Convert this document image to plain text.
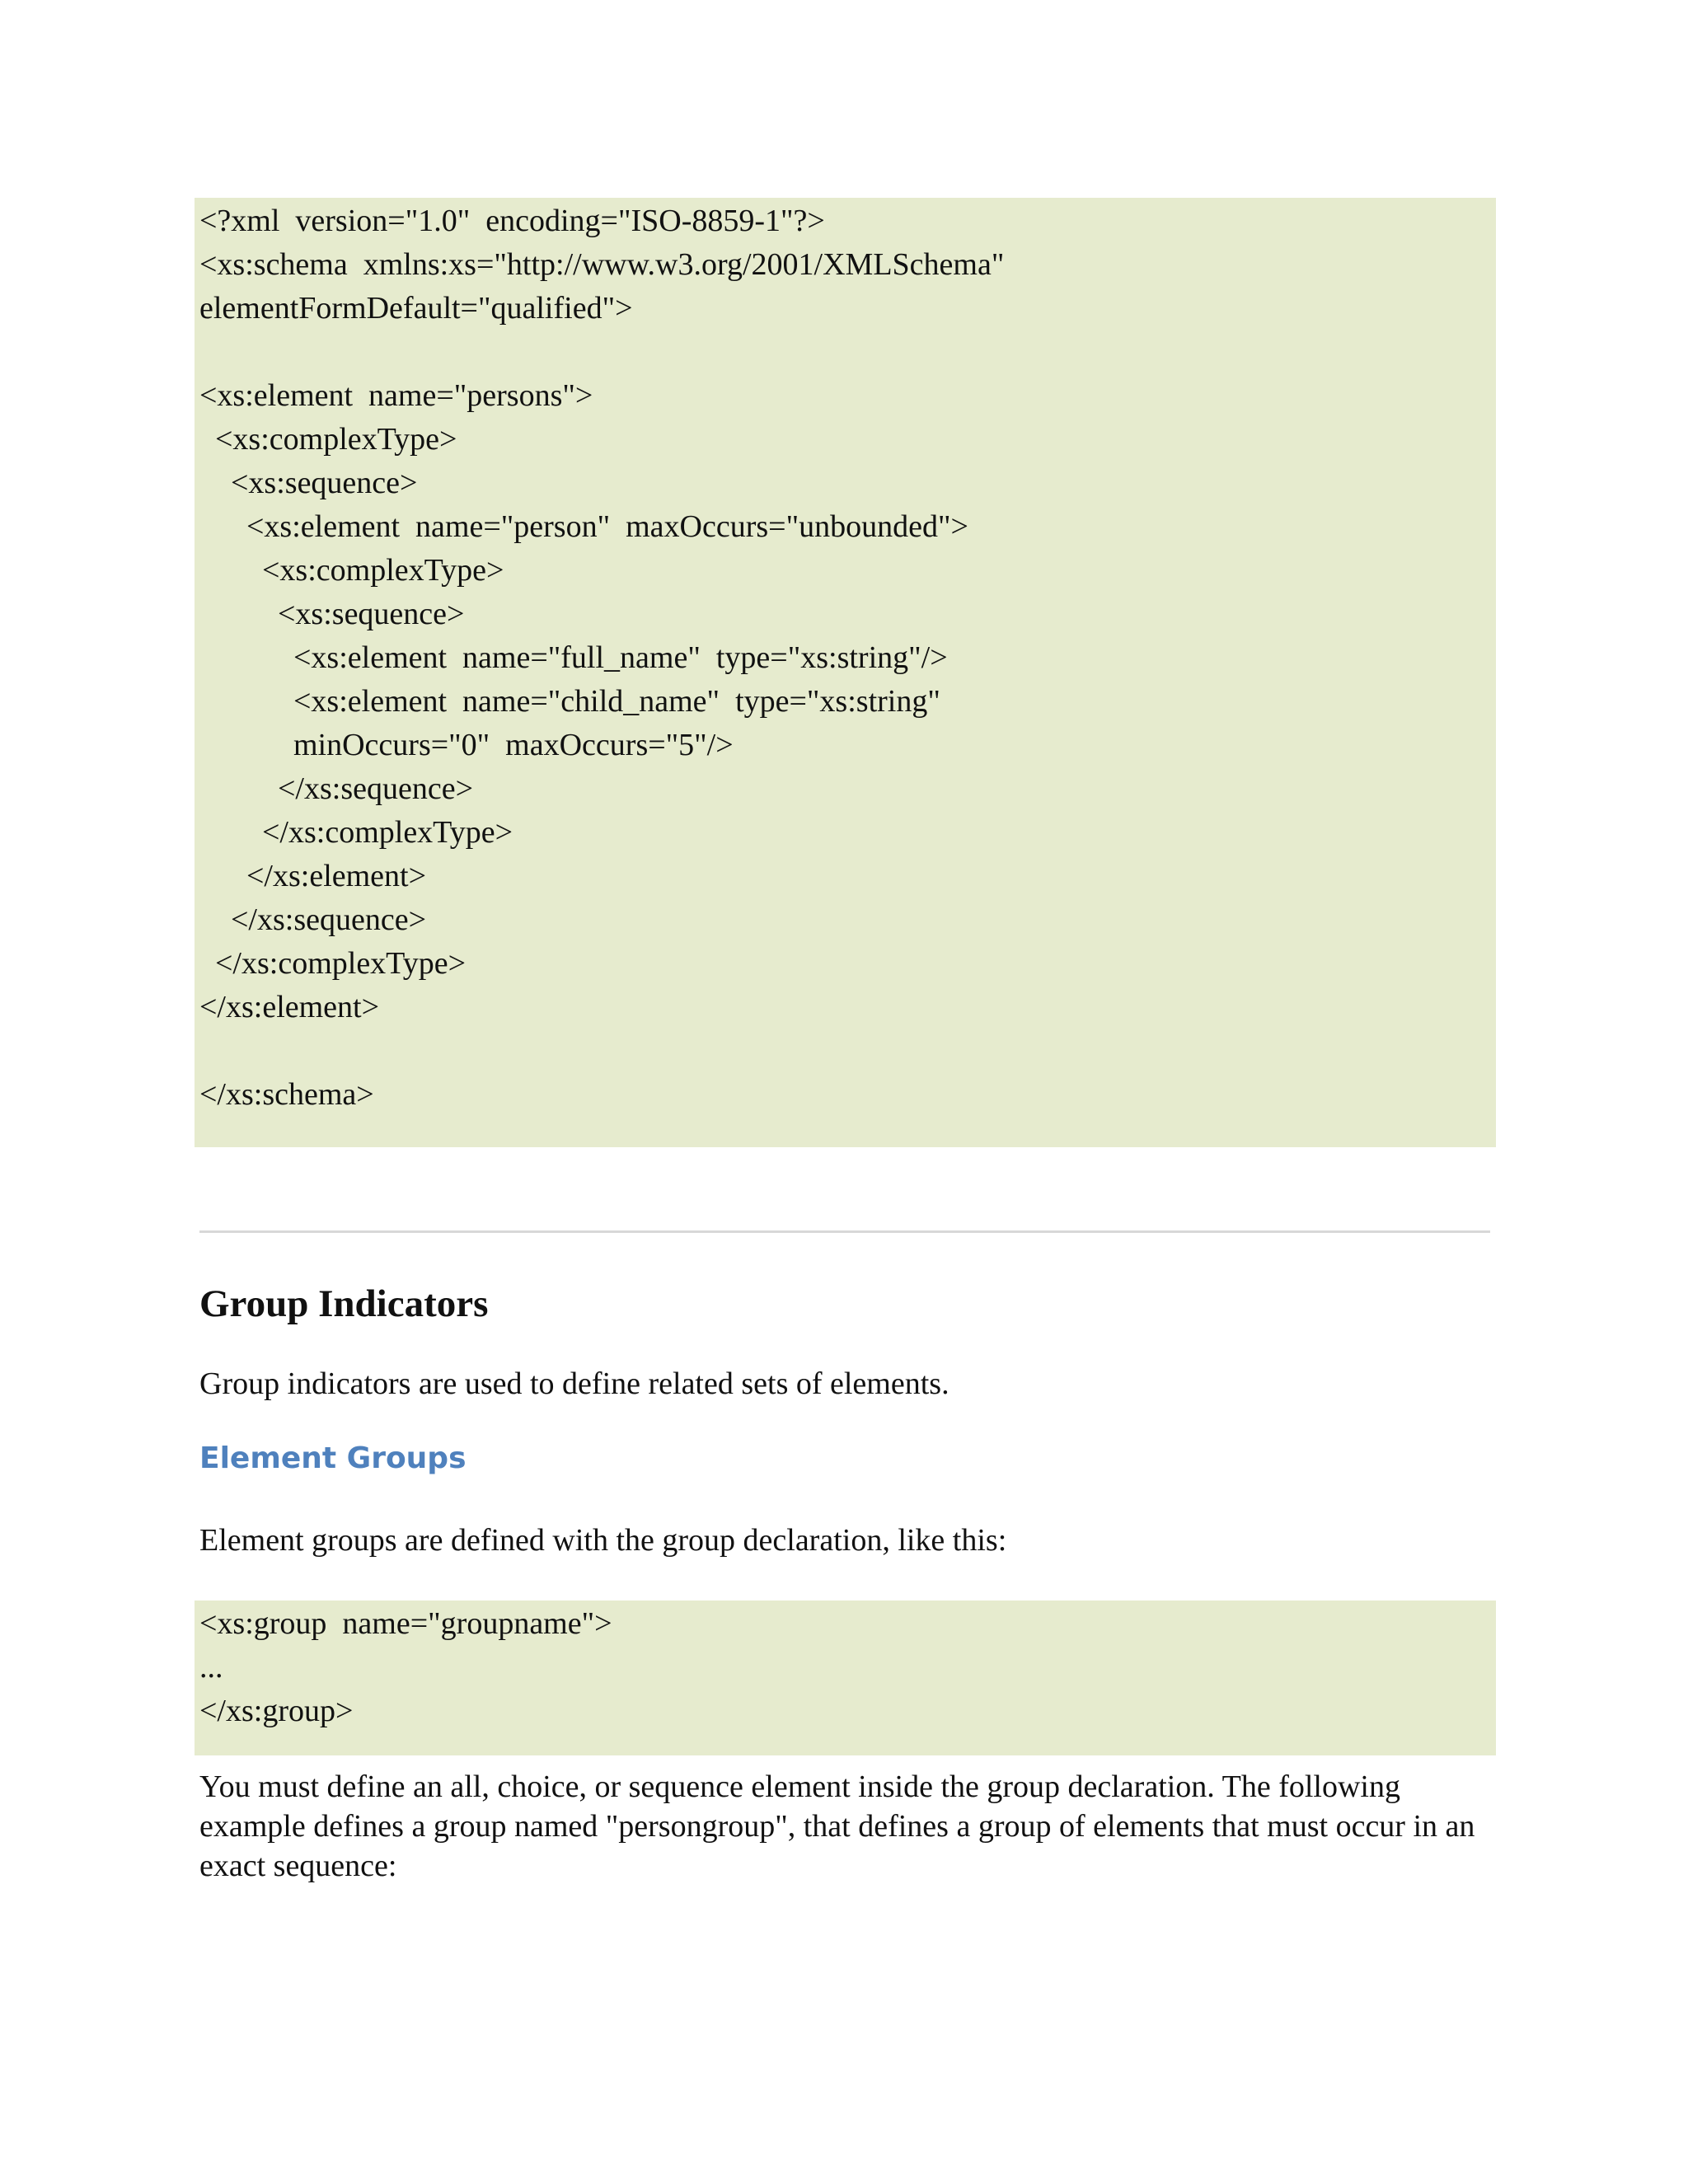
<?xml  version="1.0"  encoding="ISO-8859-1"?>
<xs:schema  xmlns:xs="http://www.w3.org/2001/XMLSchema"
elementFormDefault="qualified">
<xs:element  name="persons">
<xs:complexType>
<xs:sequence>
<xs:element  name="person"  maxOccurs="unbounded">
<xs:complexType>
<xs:sequence>
<xs:element  name="full_name"  type="xs:string"/>
<xs:element  name="child_name"  type="xs:string"
minOccurs="0"  maxOccurs="5"/>
</xs:sequence>
</xs:complexType>
</xs:element>
</xs:sequence>
</xs:complexType>
</xs:element>
</xs:schema>
Group Indicators
Group indicators are used to define related sets of elements.
Element Groups
Element groups are defined with the group declaration, like this:
<xs:group  name="groupname">
...
</xs:group>
You must define an all, choice, or sequence element inside the group declaration. The following example defines a group named "persongroup", that defines a group of elements that must occur in an exact sequence:
